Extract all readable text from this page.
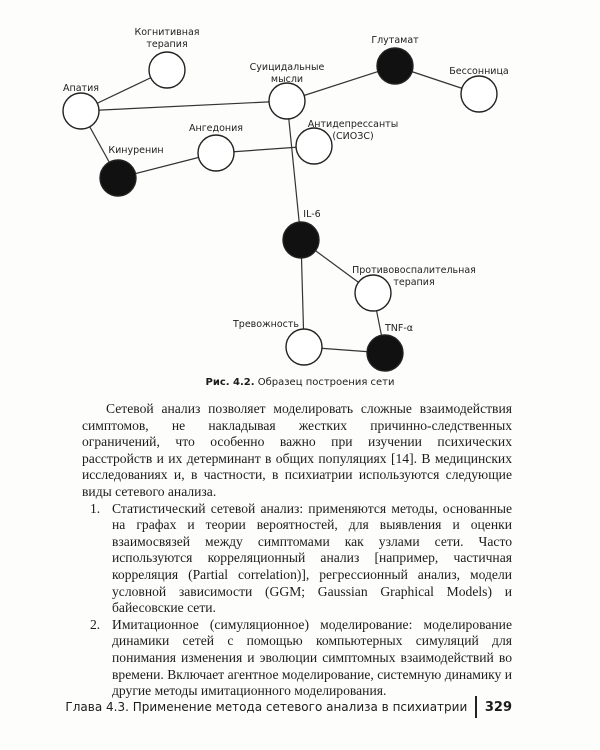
Когнитивная терапия
Апатия
Кинуренин
Ангедония
Суицидальные мысли
Антидепрессанты (СИОЗС)
Глутамат
Бессонница
IL-6
Противовоспалительная терапия
Тревожность	TNF-α
Рис. 4.2. Образец построения сети

Сетевой анализ позволяет моделировать сложные взаимодействия симптомов, не накладывая жестких причинно-следственных ограничений, что особенно важно при изучении психических расстройств и их детерминант в общих популяциях [14]. В медицинских исследованиях и, в частности, в психиатрии используются следующие виды сетевого анализа.

1. Статистический сетевой анализ: применяются методы, основанные на графах и теории вероятностей, для выявления и оценки взаимосвязей между симптомами как узлами сети. Часто используются корреляционный анализ [например, частичная корреляция (Partial correlation)], регрессионный анализ, модели условной зависимости (GGM; Gaussian Graphical Models) и байесовские сети.
2. Имитационное (симуляционное) моделирование: моделирование динамики сетей с помощью компьютерных симуляций для понимания изменения и эволюции симптомных взаимодействий во времени. Включает агентное моделирование, системную динамику и другие методы имитационного моделирования.
Глава 4.3. Применение метода сетевого анализа в психиатрии 329
